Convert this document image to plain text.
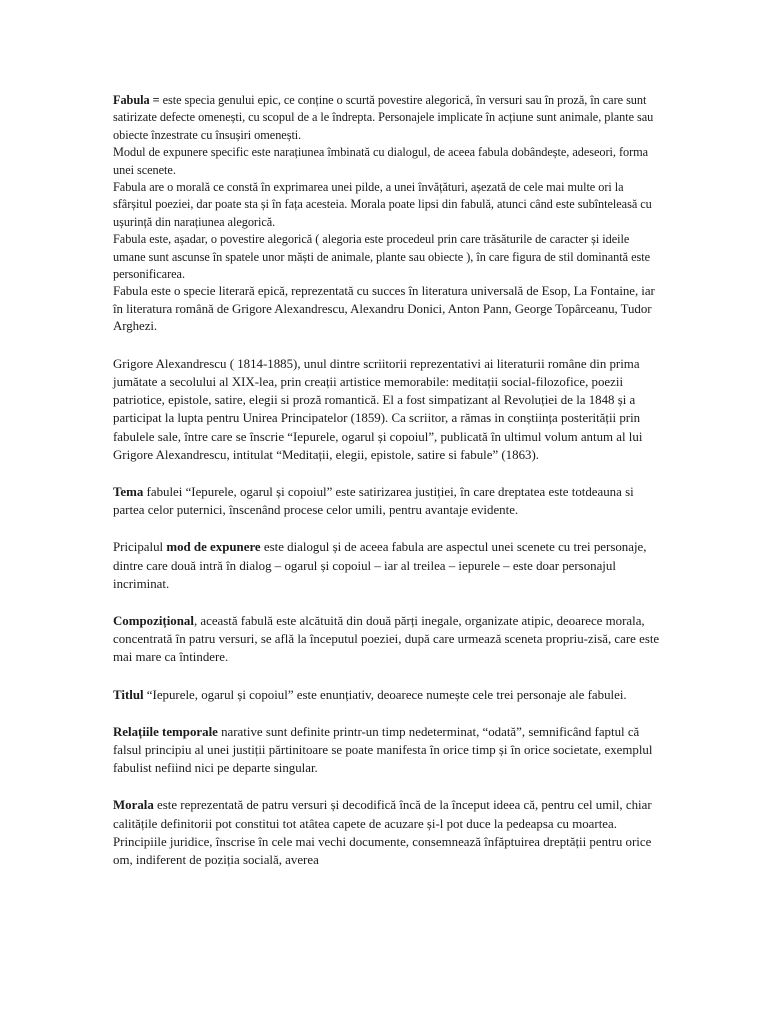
Fabula = este specia genului epic, ce conține o scurtă povestire alegorică, în versuri sau în proză, în care sunt satirizate defecte omenești, cu scopul de a le îndrepta. Personajele implicate în acțiune sunt animale, plante sau obiecte înzestrate cu însușiri omenești.
Modul de expunere specific este narațiunea îmbinată cu dialogul, de aceea fabula dobândește, adeseori, forma unei scenete.
Fabula are o morală ce constă în exprimarea unei pilde, a unei învățături, așezată de cele mai multe ori la sfârșitul poeziei, dar poate sta și în fața acesteia. Morala poate lipsi din fabulă, atunci când este subînteleasă cu ușurință din narațiunea alegorică.
Fabula este, așadar, o povestire alegorică ( alegoria este procedeul prin care trăsăturile de caracter și ideile umane sunt ascunse în spatele unor măști de animale, plante sau obiecte ), în care figura de stil dominantă este personificarea.
Fabula este o specie literară epică, reprezentată cu succes în literatura universală de Esop, La Fontaine, iar în literatura română de Grigore Alexandrescu, Alexandru Donici, Anton Pann, George Topârceanu, Tudor Arghezi.

Grigore Alexandrescu ( 1814-1885), unul dintre scriitorii reprezentativi ai literaturii române din prima jumătate a secolului al XIX-lea, prin creații artistice memorabile: meditații social-filozofice, poezii patriotice, epistole, satire, elegii si proză romantică. El a fost simpatizant al Revoluției de la 1848 și a participat la lupta pentru Unirea Principatelor (1859). Ca scriitor, a rămas in conștiința posterității prin fabulele sale, între care se înscrie “Iepurele, ogarul și copoiul”, publicată în ultimul volum antum al lui Grigore Alexandrescu, intitulat “Meditații, elegii, epistole, satire si fabule” (1863).

Tema fabulei “Iepurele, ogarul și copoiul” este satirizarea justiției, în care dreptatea este totdeauna si partea celor puternici, înscenând procese celor umili, pentru avantaje evidente.

Pricipalul mod de expunere este dialogul și de aceea fabula are aspectul unei scenete cu trei personaje, dintre care două intră în dialog – ogarul și copoiul – iar al treilea – iepurele – este doar personajul incriminat.

Compozițional, această fabulă este alcătuită din două părți inegale, organizate atipic, deoarece morala, concentrată în patru versuri, se află la începutul poeziei, după care urmează sceneta propriu-zisă, care este mai mare ca întindere.

Titlul “Iepurele, ogarul și copoiul” este enunțiativ, deoarece numește cele trei personaje ale fabulei.

Relațiile temporale narative sunt definite printr-un timp nedeterminat, “odată”, semnificând faptul că falsul principiu al unei justiții părtinitoare se poate manifesta în orice timp și în orice societate, exemplul fabulist nefiind nici pe departe singular.

Morala este reprezentată de patru versuri și decodifică încă de la început ideea că, pentru cel umil, chiar calitățile definitorii pot constitui tot atâtea capete de acuzare și-l pot duce la pedeapsa cu moartea. Principiile juridice, înscrise în cele mai vechi documente, consemnează înfăptuirea dreptății pentru orice om, indiferent de poziția socială, averea
